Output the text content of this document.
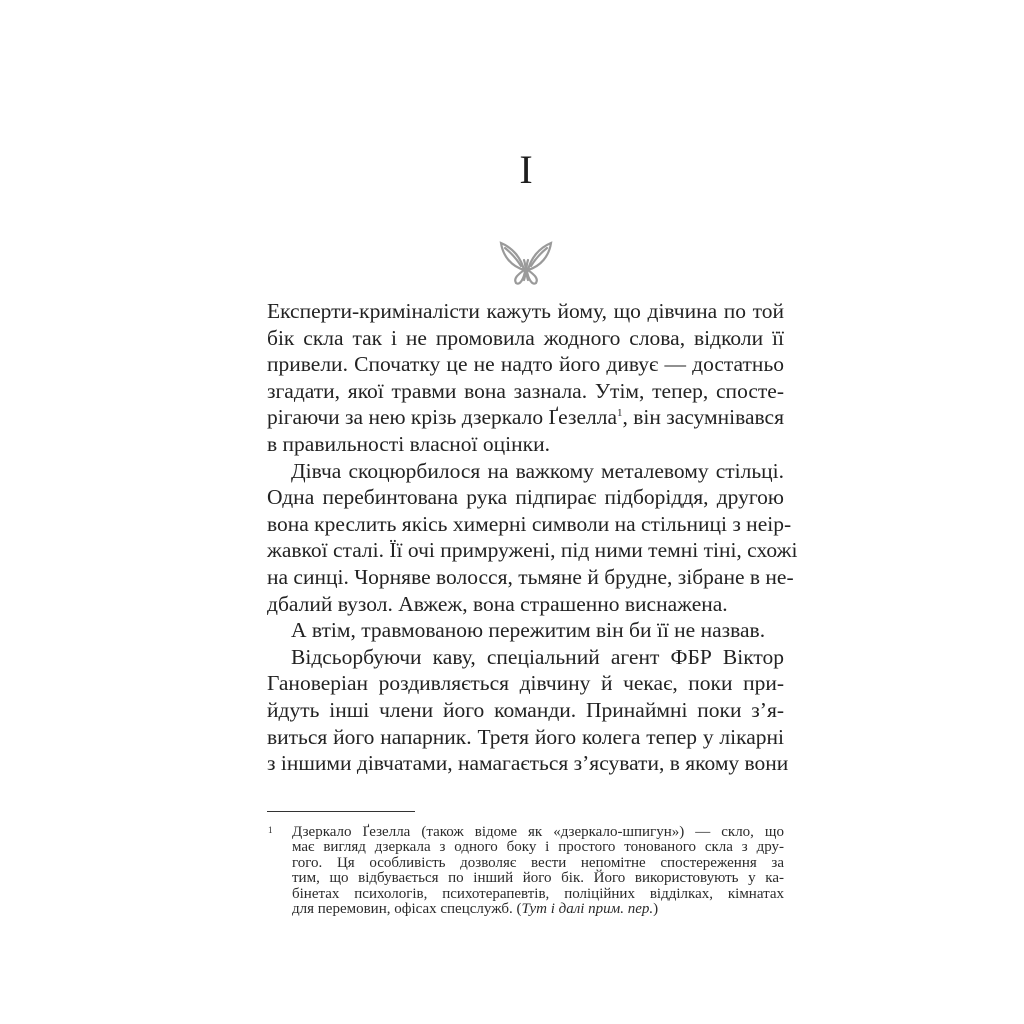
I
Експерти-криміналісти кажуть йому, що дівчина по той
бік скла так і не промовила жодного слова, відколи її
привели. Спочатку це не надто його дивує — достатньо
згадати, якої травми вона зазнала. Утім, тепер, спосте-
рігаючи за нею крізь дзеркало Ґезелла$^1$, він засумнівався
в правильності власної оцінки.
Дівча скоцюрбилося на важкому металевому стільці.
Одна перебинтована рука підпирає підборіддя, другою
вона креслить якісь химерні символи на стільниці з неір-
жавкої сталі. Її очі примружені, під ними темні тіні, схожі
на синці. Чорняве волосся, тьмяне й брудне, зібране в не-
дбалий вузол. Авжеж, вона страшенно виснажена.
А втім, травмованою пережитим він би її не назвав.
Відсьорбуючи каву, спеціальний агент ФБР Віктор
Гановеріан роздивляється дівчину й чекає, поки при-
йдуть інші члени його команди. Принаймні поки з’я-
виться його напарник. Третя його колега тепер у лікарні
з іншими дівчатами, намагається з’ясувати, в якому вони
1 Дзеркало Ґезелла (також відоме як «дзеркало-шпигун») — скло, що
має вигляд дзеркала з одного боку і простого тонованого скла з дру-
гого. Ця особливість дозволяє вести непомітне спостереження за
тим, що відбувається по інший його бік. Його використовують у ка-
бінетах психологів, психотерапевтів, поліційних відділках, кімнатах
для перемовин, офісах спецслужб. (Тут і далі прим. пер.)
